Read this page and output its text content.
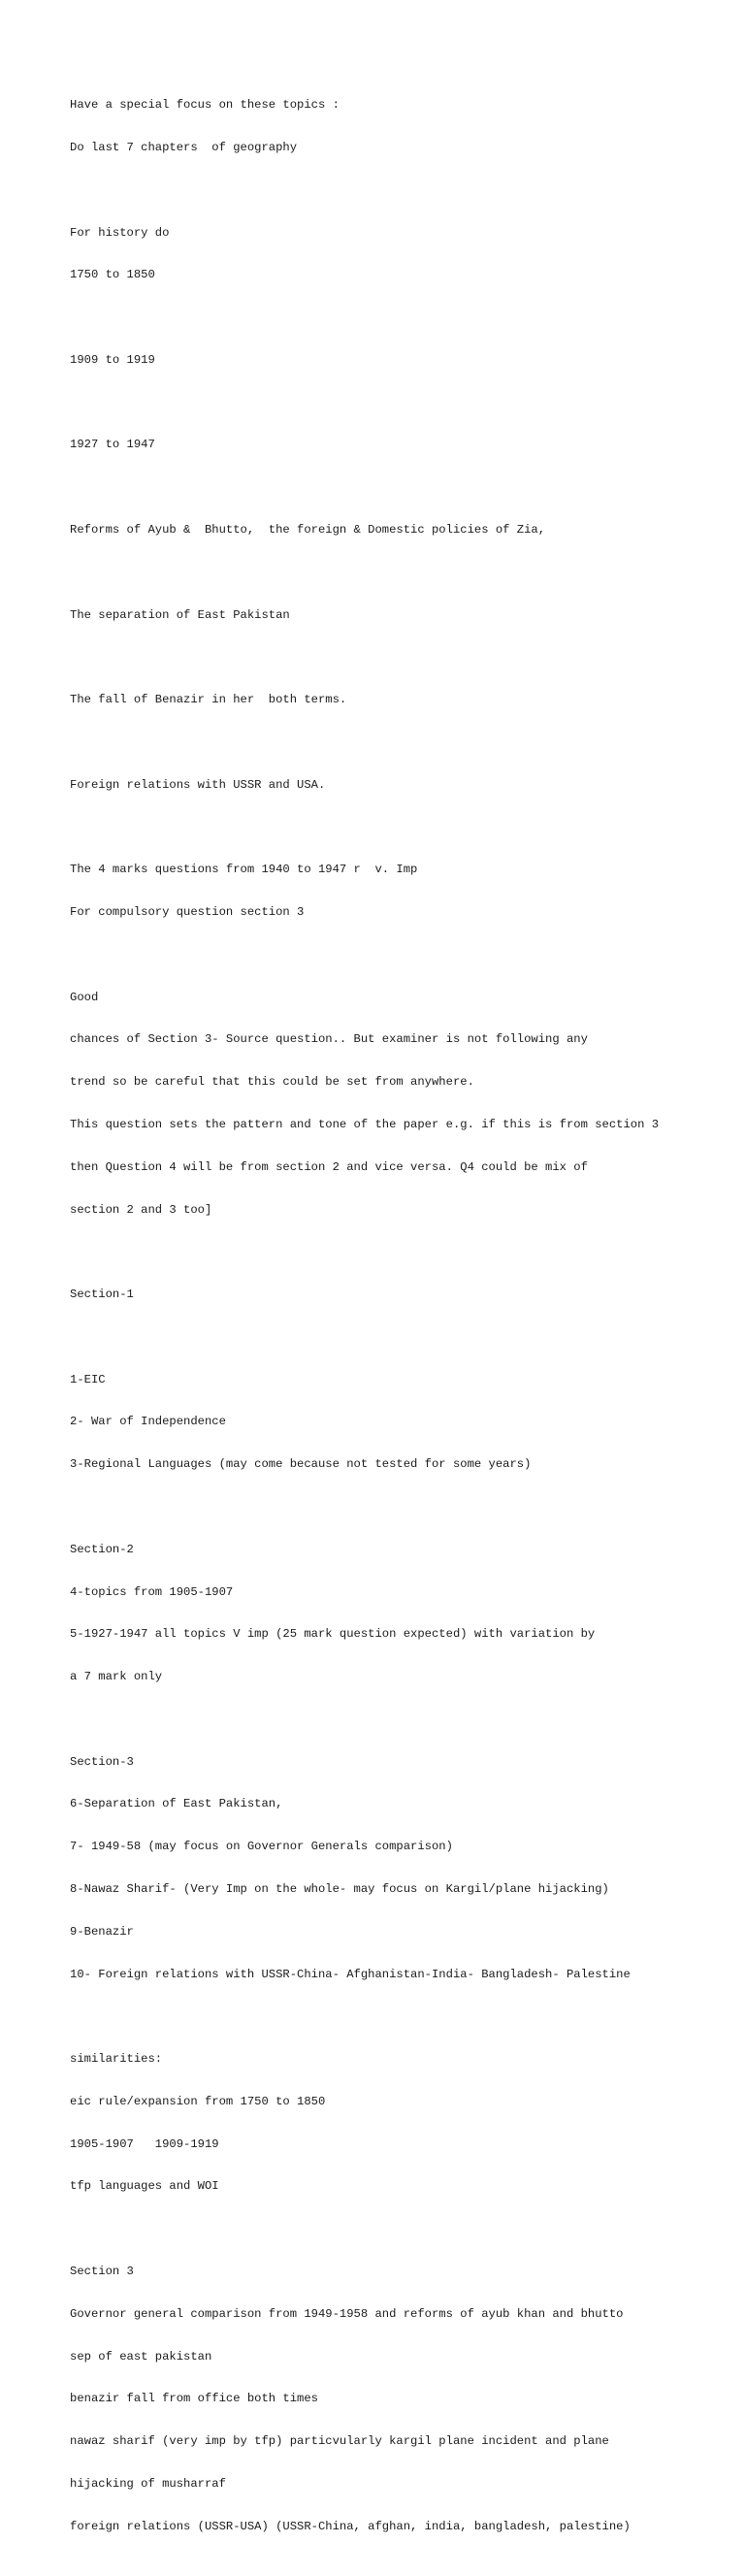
Have a special focus on these topics :

Do last 7 chapters  of geography

For history do

1750 to 1850

1909 to 1919

1927 to 1947

Reforms of Ayub &  Bhutto,  the foreign & Domestic policies of Zia,

The separation of East Pakistan

The fall of Benazir in her  both terms.

Foreign relations with USSR and USA.

The 4 marks questions from 1940 to 1947 r  v. Imp

For compulsory question section 3

Good

chances of Section 3- Source question.. But examiner is not following any

trend so be careful that this could be set from anywhere.

This question sets the pattern and tone of the paper e.g. if this is from section 3

then Question 4 will be from section 2 and vice versa. Q4 could be mix of

section 2 and 3 too]

Section-1

1-EIC

2- War of Independence

3-Regional Languages (may come because not tested for some years)

Section-2

4-topics from 1905-1907

5-1927-1947 all topics V imp (25 mark question expected) with variation by

a 7 mark only

Section-3

6-Separation of East Pakistan,

7- 1949-58 (may focus on Governor Generals comparison)

8-Nawaz Sharif- (Very Imp on the whole- may focus on Kargil/plane hijacking)

9-Benazir

10- Foreign relations with USSR-China- Afghanistan-India- Bangladesh- Palestine

similarities:

eic rule/expansion from 1750 to 1850

1905-1907   1909-1919

tfp languages and WOI

Section 3

Governor general comparison from 1949-1958 and reforms of ayub khan and bhutto

sep of east pakistan

benazir fall from office both times

nawaz sharif (very imp by tfp) particvularly kargil plane incident and plane

hijacking of musharraf

foreign relations (USSR-USA) (USSR-China, afghan, india, bangladesh, palestine)
